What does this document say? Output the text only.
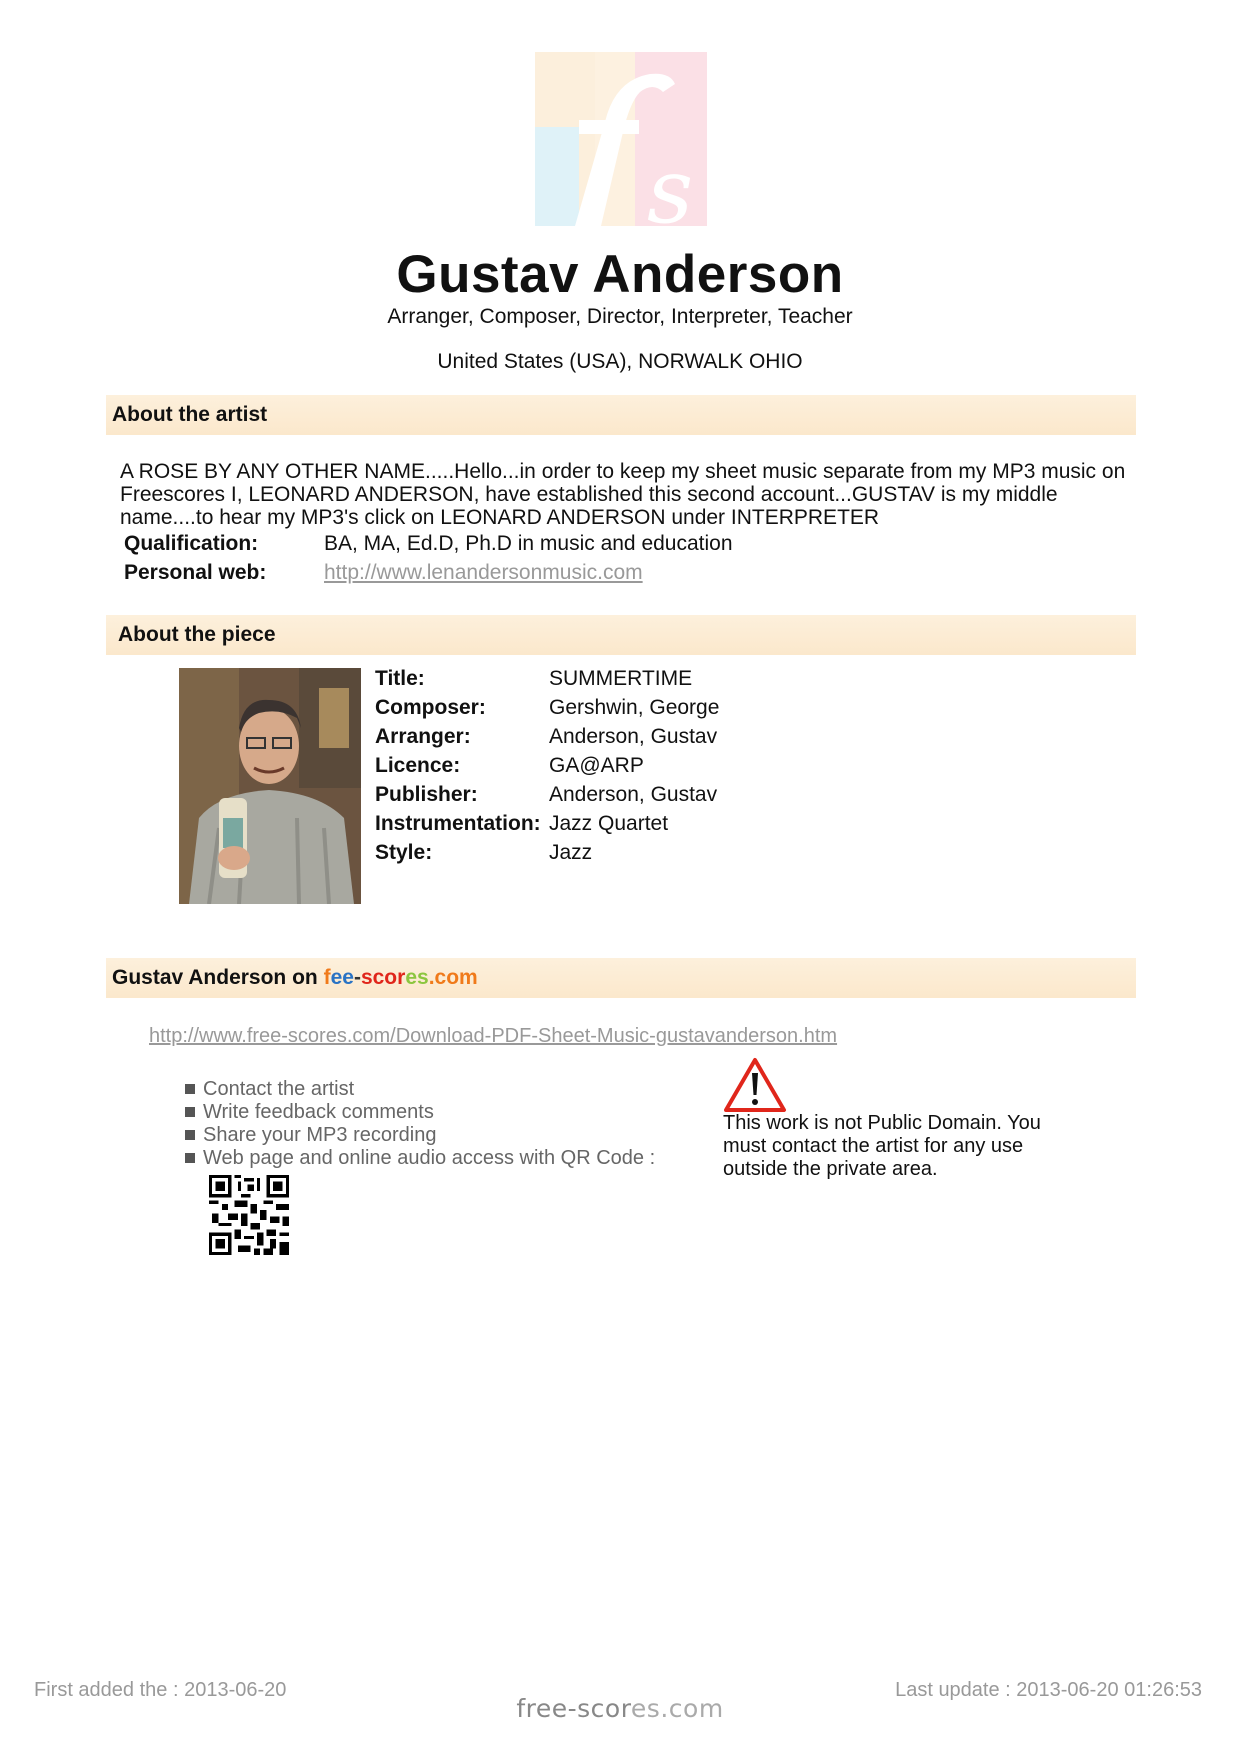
s
Gustav Anderson
Arranger, Composer, Director, Interpreter, Teacher
United States (USA), NORWALK OHIO
About the artist
A ROSE BY ANY OTHER NAME.....Hello...in order to keep my sheet music separate from my MP3 music on Freescores I, LEONARD ANDERSON, have established this second account...GUSTAV is my middle name....to hear my MP3's click on LEONARD ANDERSON under INTERPRETER
Qualification:	BA, MA, Ed.D, Ph.D in music and education
Personal web:	http://www.lenandersonmusic.com
About the piece
Title:	SUMMERTIME
Composer:	Gershwin, George
Arranger:	Anderson, Gustav
Licence:	GA@ARP
Publisher:	Anderson, Gustav
Instrumentation: Jazz Quartet
Style:	Jazz
Gustav Anderson on fee-scores.com
http://www.free-scores.com/Download-PDF-Sheet-Music-gustavanderson.htm
Contact the artist
Write feedback comments
Share your MP3 recording
Web page and online audio access with QR Code :
This work is not Public Domain. You must contact the artist for any use outside the private area.
First added the : 2013-06-20	Last update : 2013-06-20 01:26:53
free-scores.com
